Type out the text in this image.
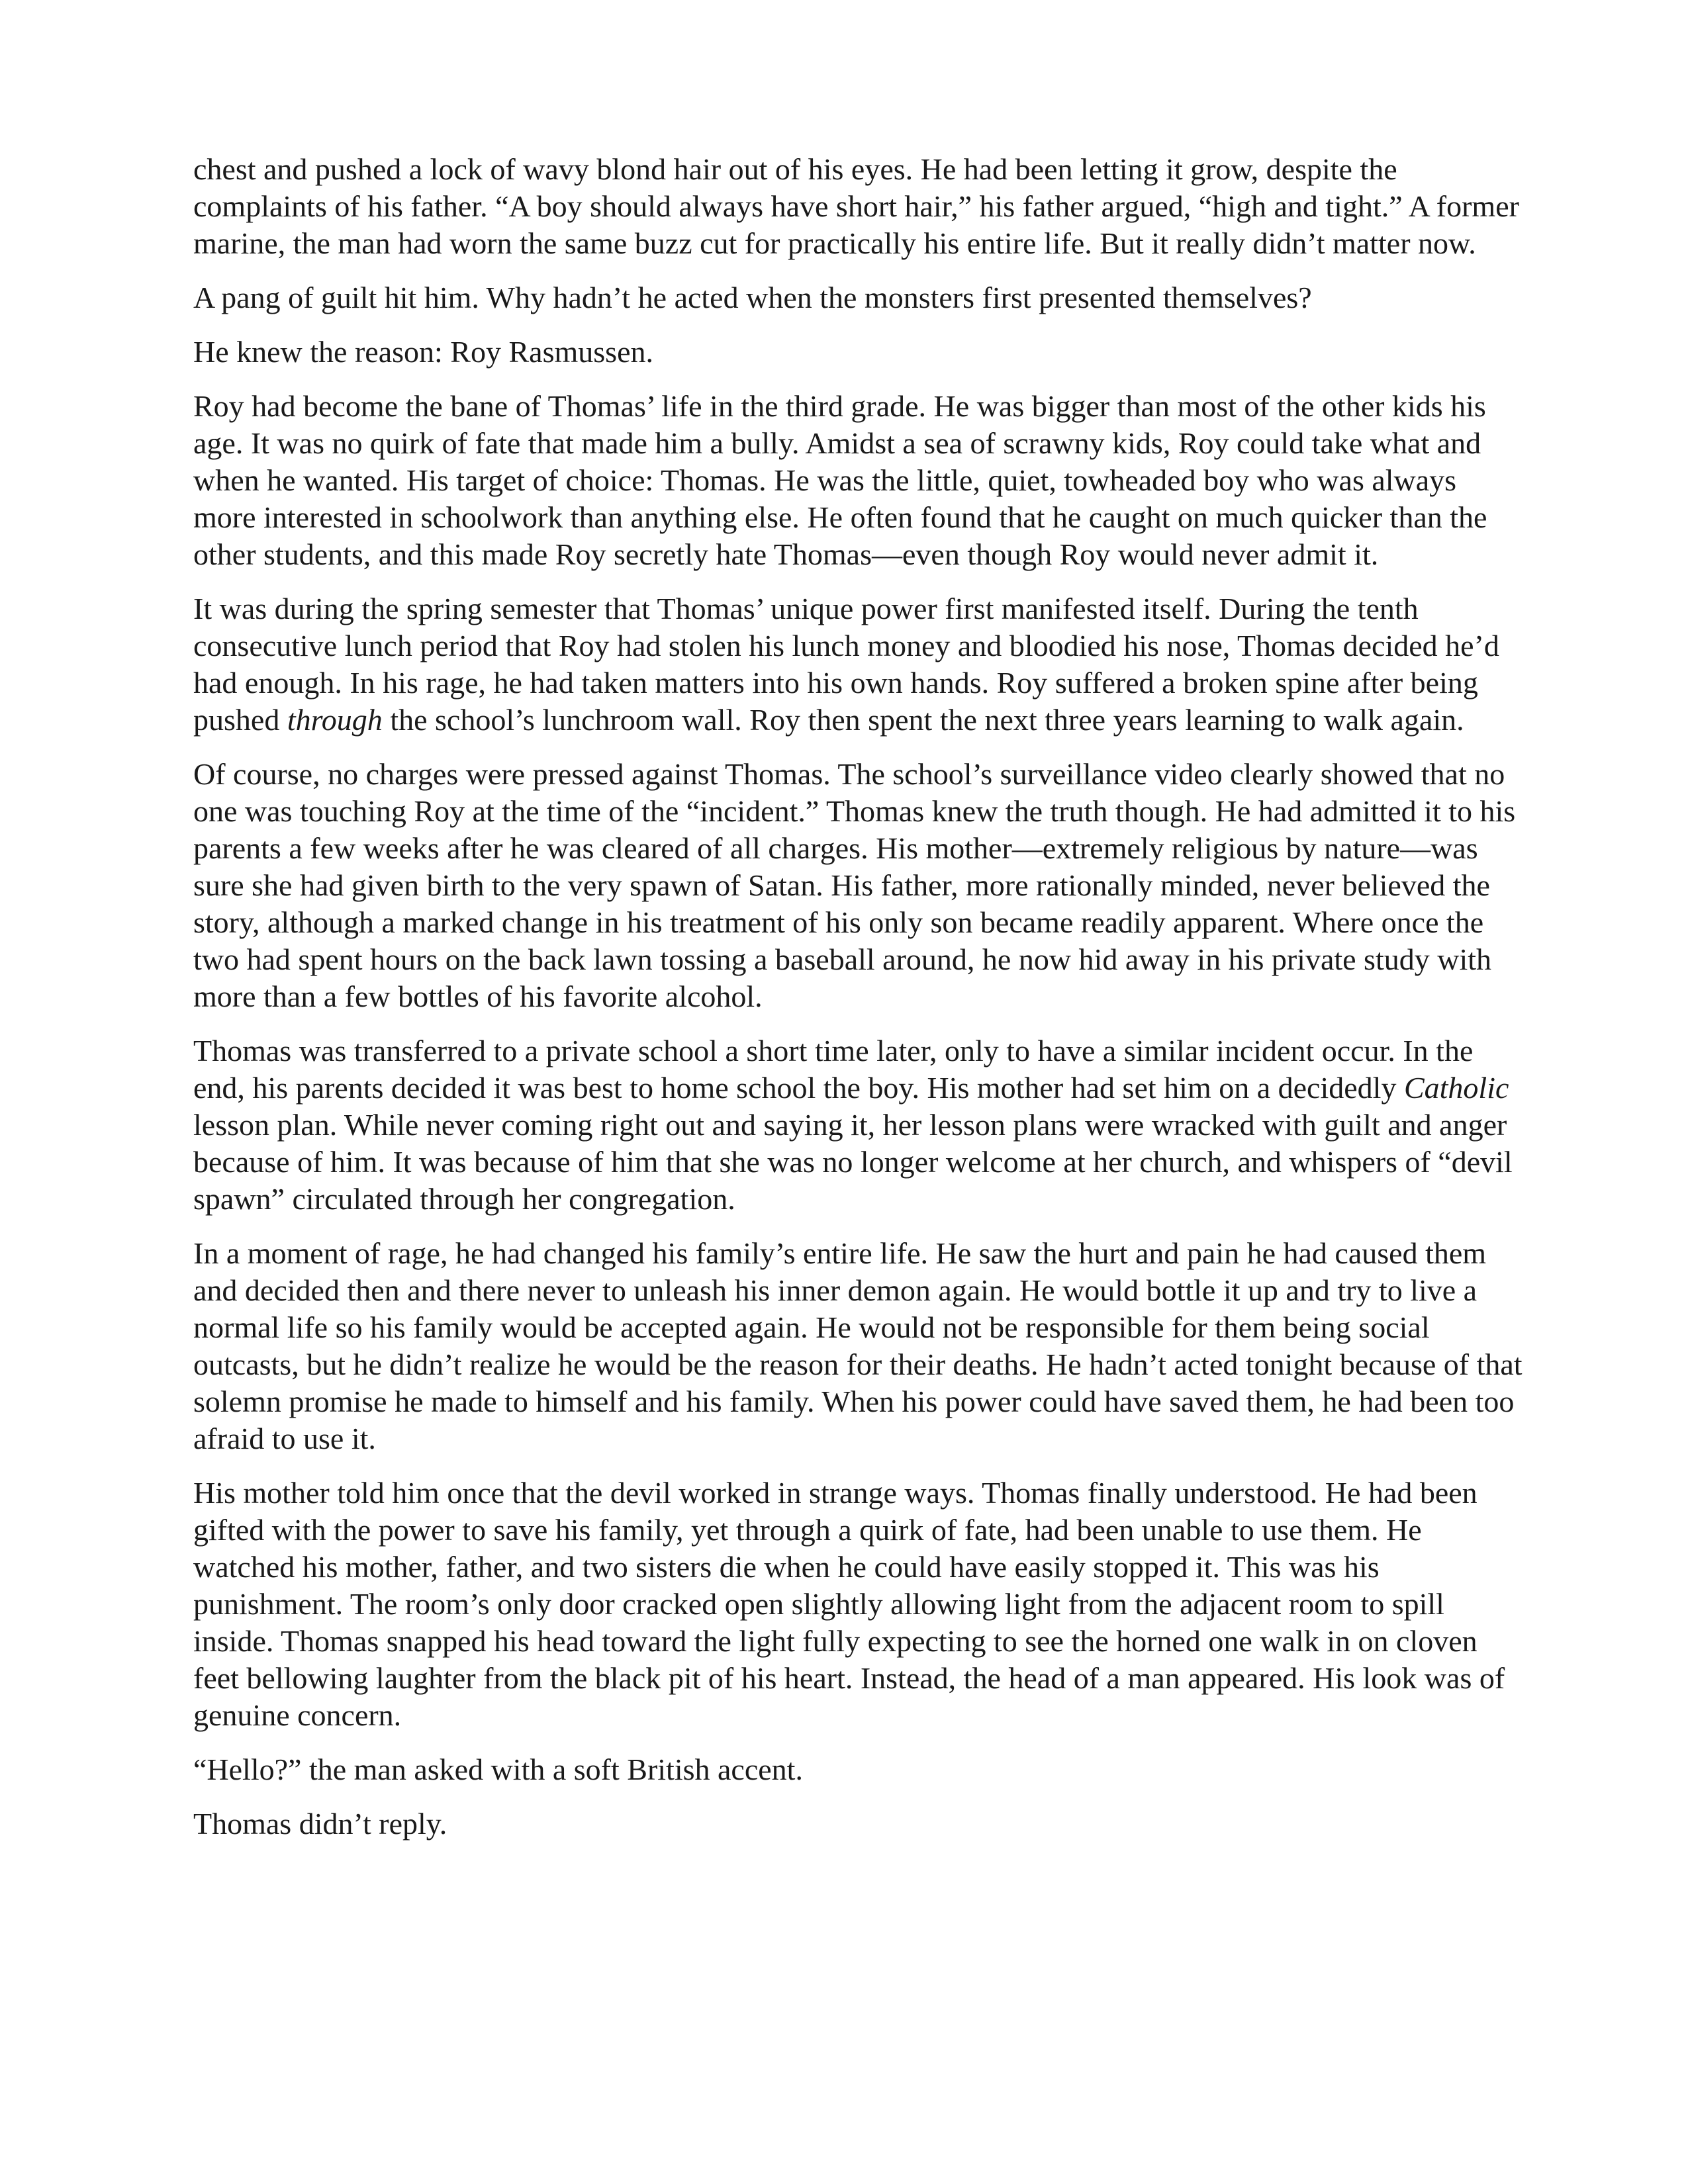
chest and pushed a lock of wavy blond hair out of his eyes. He had been letting it grow, despite the complaints of his father. “A boy should always have short hair,” his father argued, “high and tight.” A former marine, the man had worn the same buzz cut for practically his entire life. But it really didn’t matter now.

A pang of guilt hit him. Why hadn’t he acted when the monsters first presented themselves?

He knew the reason: Roy Rasmussen.

Roy had become the bane of Thomas’ life in the third grade. He was bigger than most of the other kids his age. It was no quirk of fate that made him a bully. Amidst a sea of scrawny kids, Roy could take what and when he wanted. His target of choice: Thomas. He was the little, quiet, towheaded boy who was always more interested in schoolwork than anything else. He often found that he caught on much quicker than the other students, and this made Roy secretly hate Thomas—even though Roy would never admit it.

It was during the spring semester that Thomas’ unique power first manifested itself. During the tenth consecutive lunch period that Roy had stolen his lunch money and bloodied his nose, Thomas decided he’d had enough. In his rage, he had taken matters into his own hands. Roy suffered a broken spine after being pushed through the school’s lunchroom wall. Roy then spent the next three years learning to walk again.

Of course, no charges were pressed against Thomas. The school’s surveillance video clearly showed that no one was touching Roy at the time of the “incident.” Thomas knew the truth though. He had admitted it to his parents a few weeks after he was cleared of all charges. His mother—extremely religious by nature—was sure she had given birth to the very spawn of Satan. His father, more rationally minded, never believed the story, although a marked change in his treatment of his only son became readily apparent. Where once the two had spent hours on the back lawn tossing a baseball around, he now hid away in his private study with more than a few bottles of his favorite alcohol.

Thomas was transferred to a private school a short time later, only to have a similar incident occur. In the end, his parents decided it was best to home school the boy. His mother had set him on a decidedly Catholic lesson plan. While never coming right out and saying it, her lesson plans were wracked with guilt and anger because of him. It was because of him that she was no longer welcome at her church, and whispers of “devil spawn” circulated through her congregation.

In a moment of rage, he had changed his family’s entire life. He saw the hurt and pain he had caused them and decided then and there never to unleash his inner demon again. He would bottle it up and try to live a normal life so his family would be accepted again. He would not be responsible for them being social outcasts, but he didn’t realize he would be the reason for their deaths. He hadn’t acted tonight because of that solemn promise he made to himself and his family. When his power could have saved them, he had been too afraid to use it.

His mother told him once that the devil worked in strange ways. Thomas finally understood. He had been gifted with the power to save his family, yet through a quirk of fate, had been unable to use them. He watched his mother, father, and two sisters die when he could have easily stopped it. This was his punishment. The room’s only door cracked open slightly allowing light from the adjacent room to spill inside. Thomas snapped his head toward the light fully expecting to see the horned one walk in on cloven feet bellowing laughter from the black pit of his heart. Instead, the head of a man appeared. His look was of genuine concern.

“Hello?” the man asked with a soft British accent.

Thomas didn’t reply.
